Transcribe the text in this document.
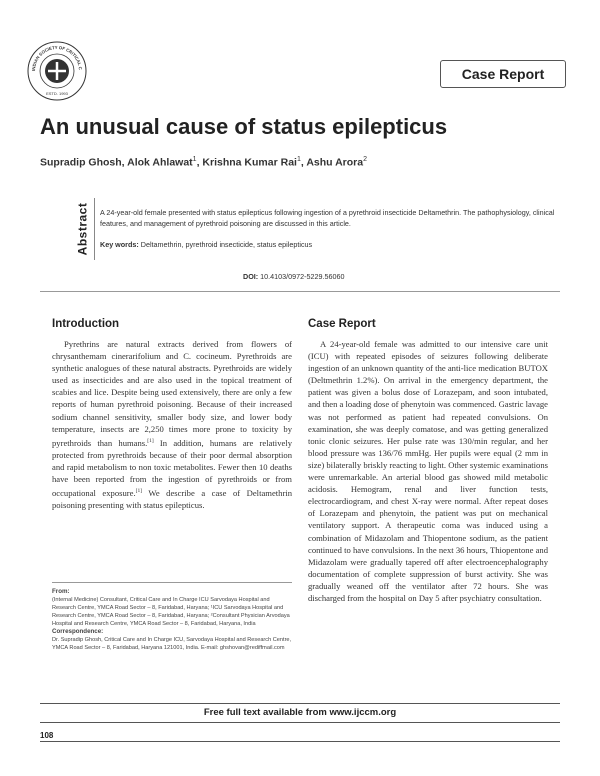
INDIAN SOCIETY OF CRITICAL C
ESTD. 1993
Case Report
An unusual cause of status epilepticus
Supradip Ghosh, Alok Ahlawat$^1$, Krishna Kumar Rai$^1$, Ashu Arora$^2$
Abstract A 24-year-old female presented with status epilepticus following ingestion of a pyrethroid insecticide Deltamethrin. The pathophysiology, clinical features, and management of pyrethroid poisoning are discussed in this article.
Key words: Deltamethrin, pyrethroid insecticide, status epilepticus
DOI: 10.4103/0972-5229.56060
Introduction

Pyrethrins are natural extracts derived from flowers of chrysanthemam cinerarifolium and C. cocineum. Pyrethroids are synthetic analogues of these natural abstracts. Pyrethroids are widely used as insecticides and are also used in the topical treatment of scabies and lice. Despite being used extensively, there are only a few reports of human pyrethroid poisoning. Because of their increased sodium channel sensitivity, smaller body size, and lower body temperature, insects are 2,250 times more prone to toxicity by pyrethroids than humans.[1] In addition, humans are relatively protected from pyrethroids because of their poor dermal absorption and rapid metabolism to non toxic metabolites. Fewer then 10 deaths have been reported from the ingestion of pyrethroids or from occupational exposure.[1] We describe a case of Deltamethrin poisoning presenting with status epilepticus.

Case Report

A 24-year-old female was admitted to our intensive care unit (ICU) with repeated episodes of seizures following deliberate ingestion of an unknown quantity of the anti-lice medication BUTOX (Deltmethrin 1.2%). On arrival in the emergency department, the patient was given a bolus dose of Lorazepam, and soon intubated, and then a loading dose of phenytoin was commenced. Gastric lavage was not performed as patient had repeated convulsions. On examination, she was deeply comatose, and was getting generalized tonic clonic seizures. Her pulse rate was 130/min regular, and her blood pressure was 136/76 mmHg. Her pupils were equal (2 mm in size) bilaterally briskly reacting to light. Other systemic examinations were unremarkable. An arterial blood gas showed mild metabolic acidosis. Hemogram, renal and liver function tests, electrocardiogram, and chest X-ray were normal. After repeat doses of Lorazepam and phenytoin, the patient was put on mechanical ventilatory support. A therapeutic coma was induced using a combination of Midazolam and Thiopentone sodium, as the patient continued to have convulsions. In the next 36 hours, Thiopentone and Midazolam were gradually tapered off after electroencephalography documentation of complete suppression of burst activity. She was gradually weaned off the ventilator after 72 hours. She was discharged from the hospital on Day 5 after psychiatry consultation.

From:
(Internal Medicine) Consultant, Critical Care and In Charge ICU Sarvodaya Hospital and Research Centre, YMCA Road Sector – 8, Faridabad, Haryana; ¹ICU Sarvodaya Hospital and Research Centre, YMCA Road Sector – 8, Faridabad, Haryana; ²Consultant Physician Arvodaya Hospital and Research Centre, YMCA Road Sector – 8, Faridabad, Haryana, India
Correspondence:
Dr. Supradip Ghosh, Critical Care and In Charge ICU, Sarvodaya Hospital and Research Centre, YMCA Road Sector – 8, Faridabad, Haryana 121001, India. E-mail: ghshovan@rediffmail.com
Free full text available from www.ijccm.org
108
